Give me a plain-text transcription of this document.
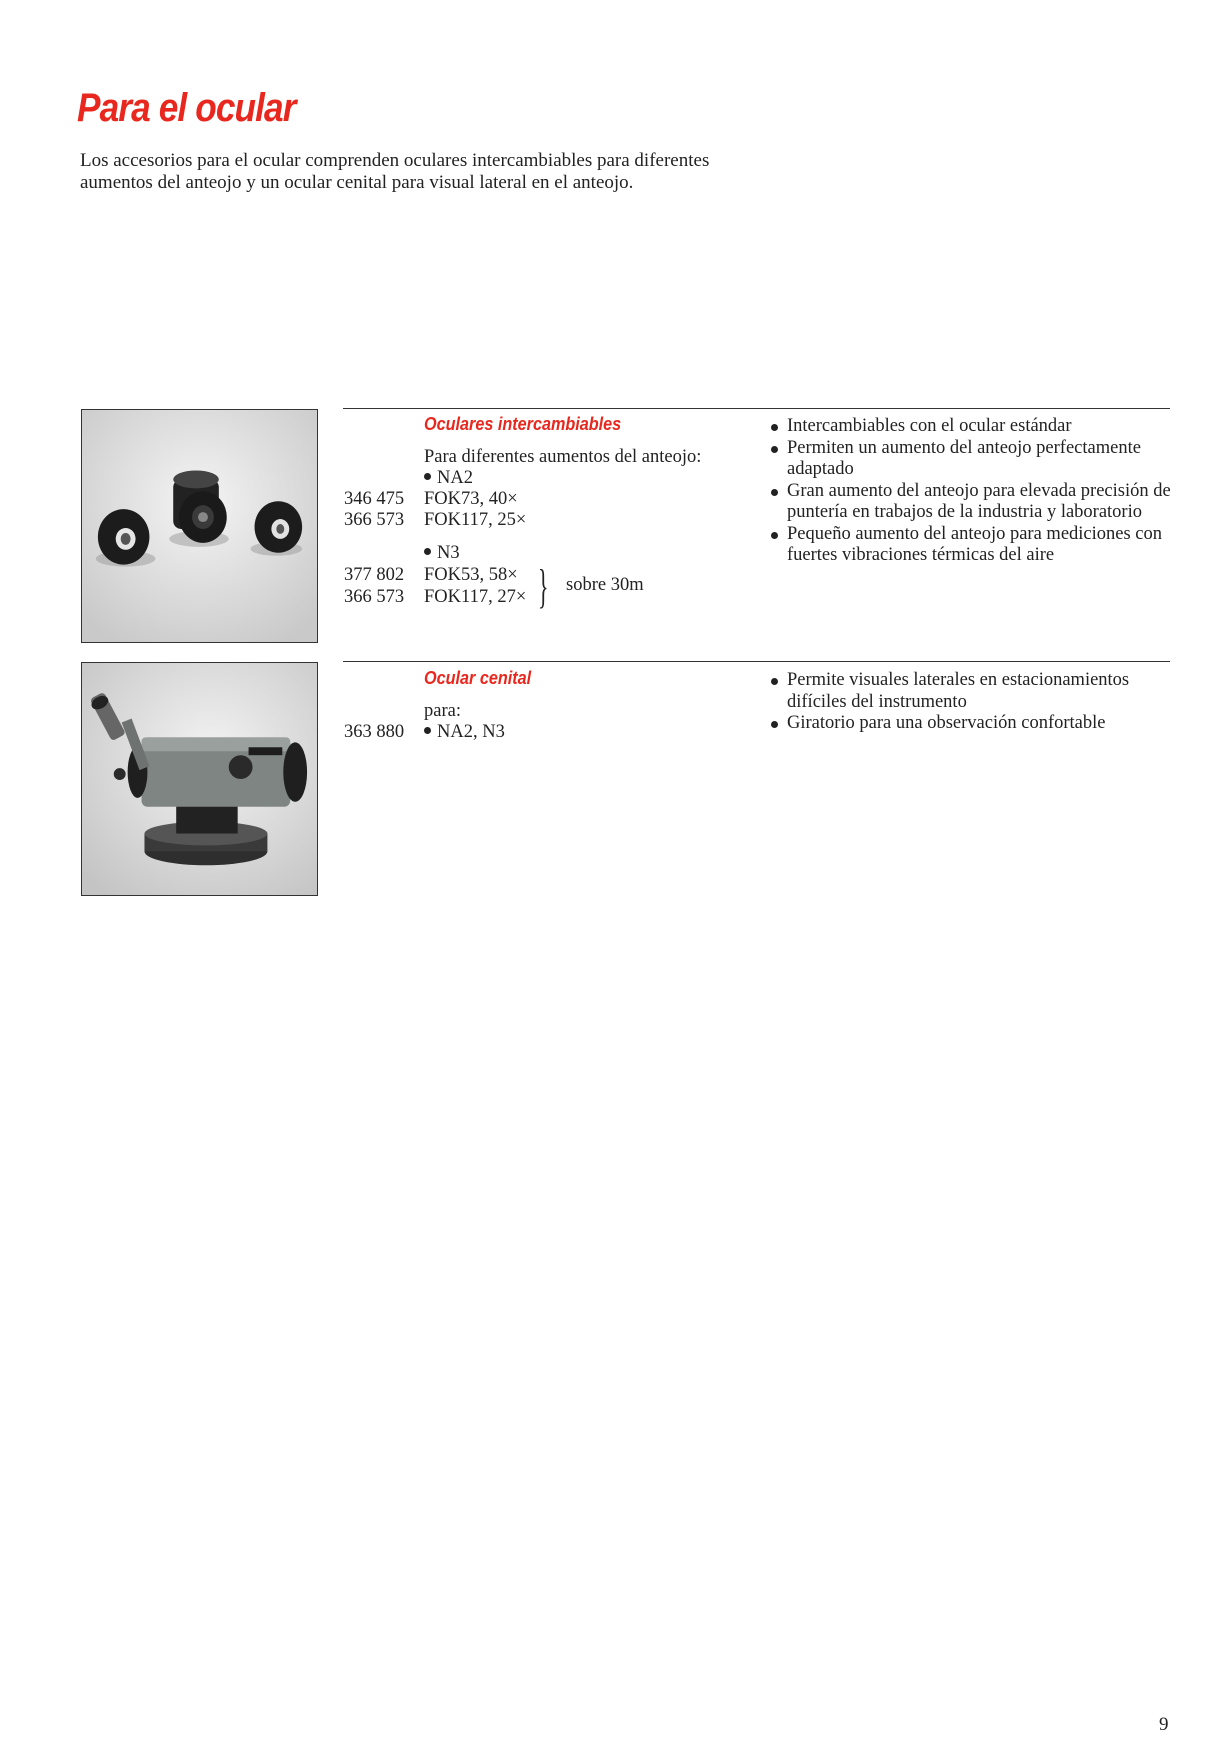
Para el ocular

Los accesorios para el ocular comprenden oculares intercambiables para diferentes aumentos del anteojo y un ocular cenital para visual lateral en el anteojo.

Oculares intercambiables
Para diferentes aumentos del anteojo:
NA2
346 475 FOK73, 40×
366 573 FOK117, 25×
N3
377 802 FOK53, 58×
366 573 FOK117, 27× } sobre 30m
Intercambiables con el ocular estándar
Permiten un aumento del anteojo perfectamente adaptado
Gran aumento del anteojo para elevada precisión de puntería en trabajos de la industria y laboratorio
Pequeño aumento del anteojo para mediciones con fuertes vibraciones térmicas del aire
Ocular cenital
para:
363 880	NA2, N3
Permite visuales laterales en estacionamientos difíciles del instrumento
Giratorio para una observación confortable
9
